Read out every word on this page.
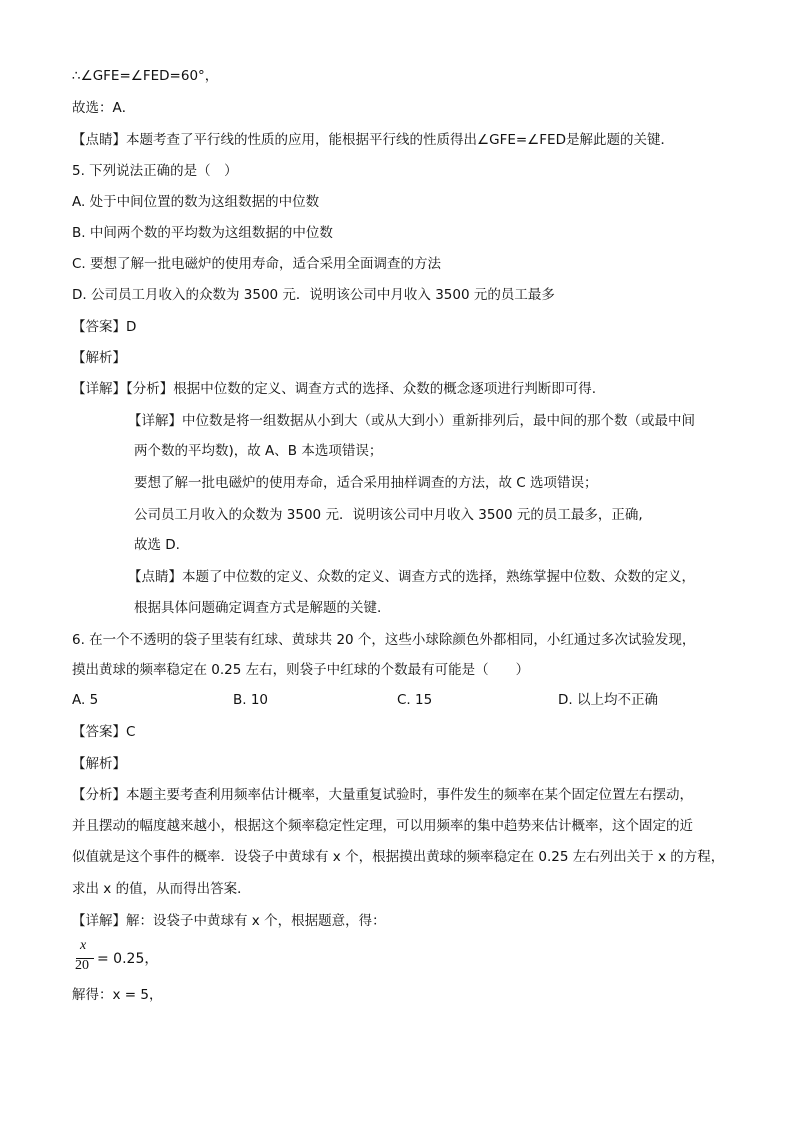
∴∠GFE=∠FED=60°，
故选：A．
【点睛】本题考查了平行线的性质的应用，能根据平行线的性质得出∠GFE=∠FED是解此题的关键．
5. 下列说法正确的是（　）
A. 处于中间位置的数为这组数据的中位数
B. 中间两个数的平均数为这组数据的中位数
C. 要想了解一批电磁炉的使用寿命，适合采用全面调查的方法
D. 公司员工月收入的众数为 3500 元．说明该公司中月收入 3500 元的员工最多
【答案】D
【解析】
【详解】【分析】根据中位数的定义、调查方式的选择、众数的概念逐项进行判断即可得.
【详解】中位数是将一组数据从小到大（或从大到小）重新排列后，最中间的那个数（或最中间
两个数的平均数)，故 A、B 本选项错误；
要想了解一批电磁炉的使用寿命，适合采用抽样调查的方法，故 C 选项错误；
公司员工月收入的众数为 3500 元．说明该公司中月收入 3500 元的员工最多，正确,
故选 D.
【点睛】本题了中位数的定义、众数的定义、调查方式的选择，熟练掌握中位数、众数的定义，
根据具体问题确定调查方式是解题的关键.
6. 在一个不透明的袋子里装有红球、黄球共 20 个，这些小球除颜色外都相同，小红通过多次试验发现，
摸出黄球的频率稳定在 0.25 左右，则袋子中红球的个数最有可能是（　　）
A. 5	B. 10	C. 15	D. 以上均不正确
【答案】C
【解析】
【分析】本题主要考查利用频率估计概率，大量重复试验时，事件发生的频率在某个固定位置左右摆动，
并且摆动的幅度越来越小，根据这个频率稳定性定理，可以用频率的集中趋势来估计概率，这个固定的近
似值就是这个事件的概率．设袋子中黄球有 x 个，根据摸出黄球的频率稳定在 0.25 左右列出关于 x 的方程，
求出 x 的值，从而得出答案．
【详解】解：设袋子中黄球有 x 个，根据题意，得：
x
20 = 0.25，
解得：x = 5，
